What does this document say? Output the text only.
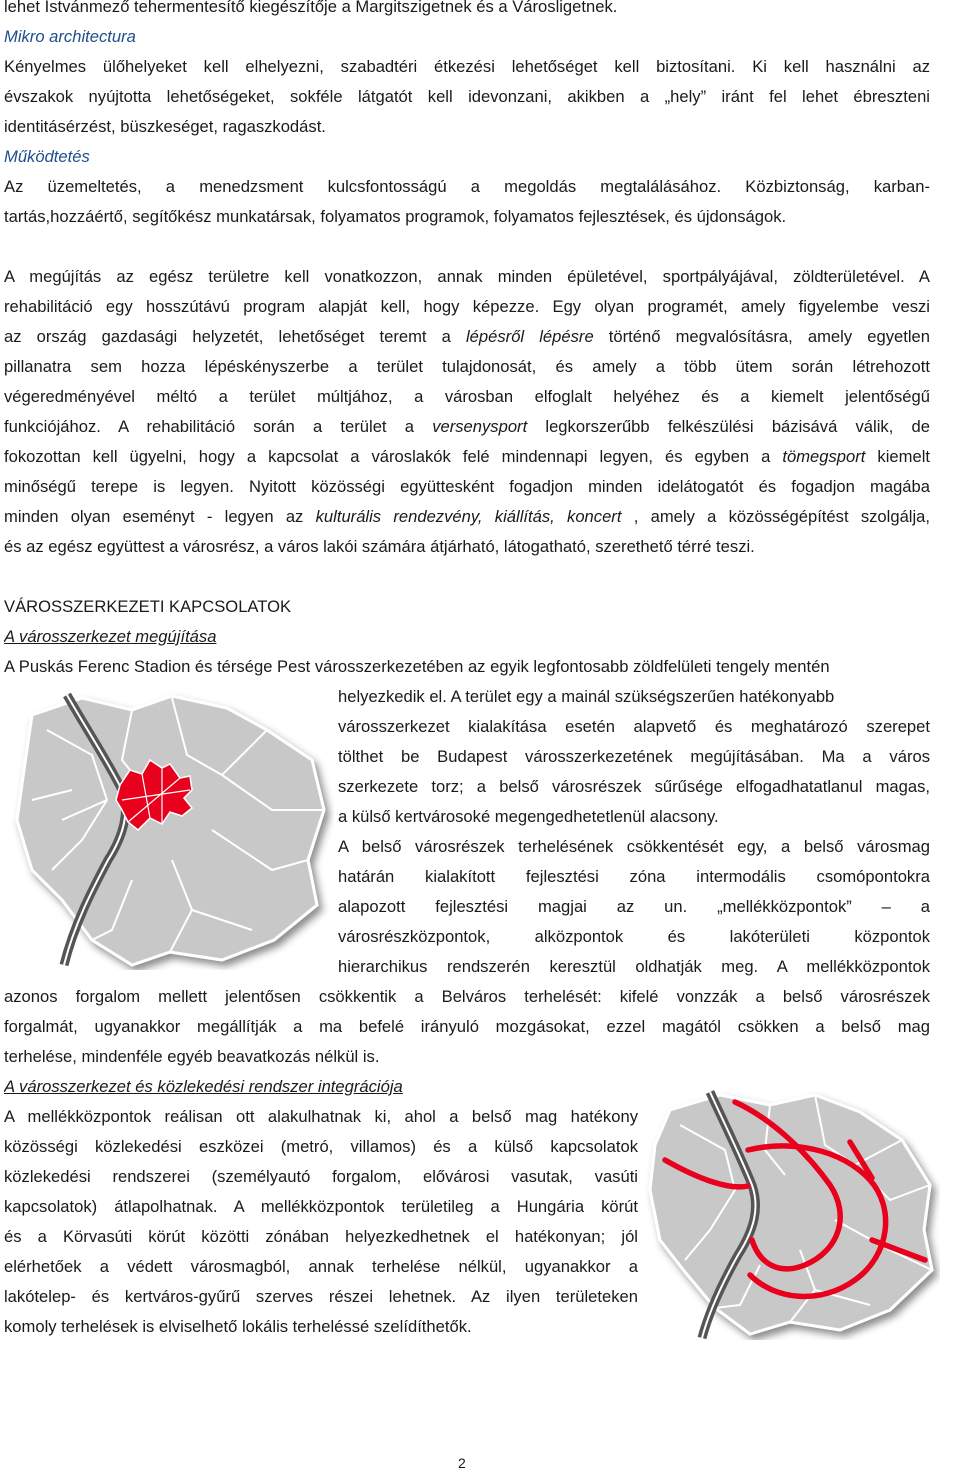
lehet Istvánmező tehermentesítő kiegészítője a Margitszigetnek és a Városligetnek.
Mikro architectura
Kényelmes ülőhelyeket kell elhelyezni, szabadtéri étkezési lehetőséget kell biztosítani. Ki kell használni az
évszakok nyújtotta lehetőségeket, sokféle látgatót kell idevonzani, akikben a „hely” iránt fel lehet ébreszteni
identitásérzést, büszkeséget, ragaszkodást.
Működtetés
Az üzemeltetés, a menedzsment kulcsfontosságú a megoldás megtalálásához. Közbiztonság, karban-
tartás,hozzáértő, segítőkész munkatársak, folyamatos programok, folyamatos fejlesztések, és újdonságok.
A megújítás az egész területre kell vonatkozzon, annak minden épületével, sportpályájával, zöldterületével. A
rehabilitáció egy hosszútávú program alapját kell, hogy képezze. Egy olyan programét, amely figyelembe veszi
az ország gazdasági helyzetét, lehetőséget teremt a lépésről lépésre történő megvalósításra, amely egyetlen
pillanatra sem hozza lépéskényszerbe a terület tulajdonosát, és amely a több ütem során létrehozott
végeredményével méltó a terület múltjához, a városban elfoglalt helyéhez és a kiemelt jelentőségű
funkciójához. A rehabilitáció során a terület a versenysport legkorszerűbb felkészülési bázisává válik, de
fokozottan kell ügyelni, hogy a kapcsolat a városlakók felé mindennapi legyen, és egyben a tömegsport kiemelt
minőségű terepe is legyen. Nyitott közösségi együttesként fogadjon minden idelátogatót és fogadjon magába
minden olyan eseményt - legyen az kulturális rendezvény, kiállítás, koncert , amely a közösségépítést szolgálja,
és az egész együttest a városrész, a város lakói számára átjárható, látogatható, szerethető térré teszi.
VÁROSSZERKEZETI KAPCSOLATOK
A városszerkezet megújítása
A Puskás Ferenc Stadion és térsége Pest városszerkezetében az egyik legfontosabb zöldfelületi tengely mentén
helyezkedik el. A terület egy a mainál szükségszerűen hatékonyabb
városszerkezet kialakítása esetén alapvető és meghatározó szerepet
tölthet be Budapest városszerkezetének megújításában. Ma a város
szerkezete torz; a belső városrészek sűrűsége elfogadhatatlanul magas,
a külső kertvárosoké megengedhetetlenül alacsony.
A belső városrészek terhelésének csökkentését egy, a belső városmag
határán kialakított fejlesztési zóna intermodális csomópontokra
alapozott fejlesztési magjai az un. „mellékközpontok” – a
városrészközpontok, alközpontok és lakóterületi központok
hierarchikus rendszerén keresztül oldhatják meg. A mellékközpontok
azonos forgalom mellett jelentősen csökkentik a Belváros terhelését: kifelé vonzzák a belső városrészek
forgalmát, ugyanakkor megállítják a ma befelé irányuló mozgásokat, ezzel magától csökken a belső mag
terhelése, mindenféle egyéb beavatkozás nélkül is.
A városszerkezet és közlekedési rendszer integrációja
A mellékközpontok reálisan ott alakulhatnak ki, ahol a belső mag hatékony
közösségi közlekedési eszközei (metró, villamos) és a külső kapcsolatok
közlekedési rendszerei (személyautó forgalom, elővárosi vasutak, vasúti
kapcsolatok) átlapolhatnak. A mellékközpontok területileg a Hungária körút
és a Körvasúti körút közötti zónában helyezkedhetnek el hatékonyan; jól
elérhetőek a védett városmagból, annak terhelése nélkül, ugyanakkor a
lakótelep- és kertváros-gyűrű szerves részei lehetnek. Az ilyen területeken
komoly terhelések is elviselhető lokális terheléssé szelídíthetők.
2
